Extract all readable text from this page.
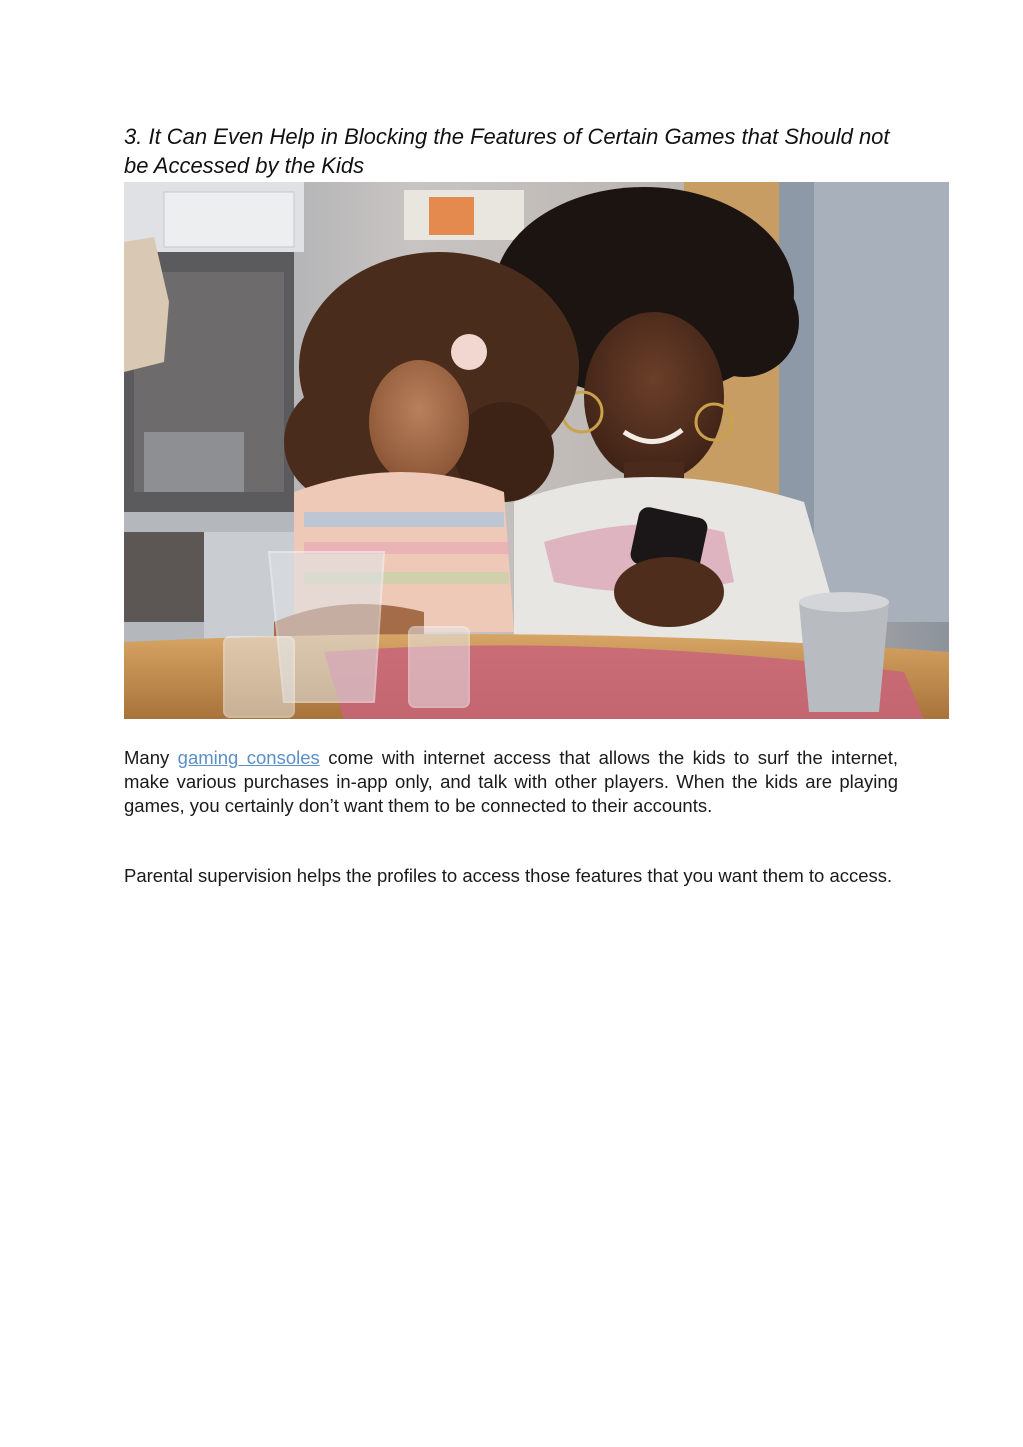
3. It Can Even Help in Blocking the Features of Certain Games that Should not be Accessed by the Kids

Many gaming consoles come with internet access that allows the kids to surf the internet, make various purchases in-app only, and talk with other players. When the kids are playing games, you certainly don’t want them to be connected to their accounts.

Parental supervision helps the profiles to access those features that you want them to access.
